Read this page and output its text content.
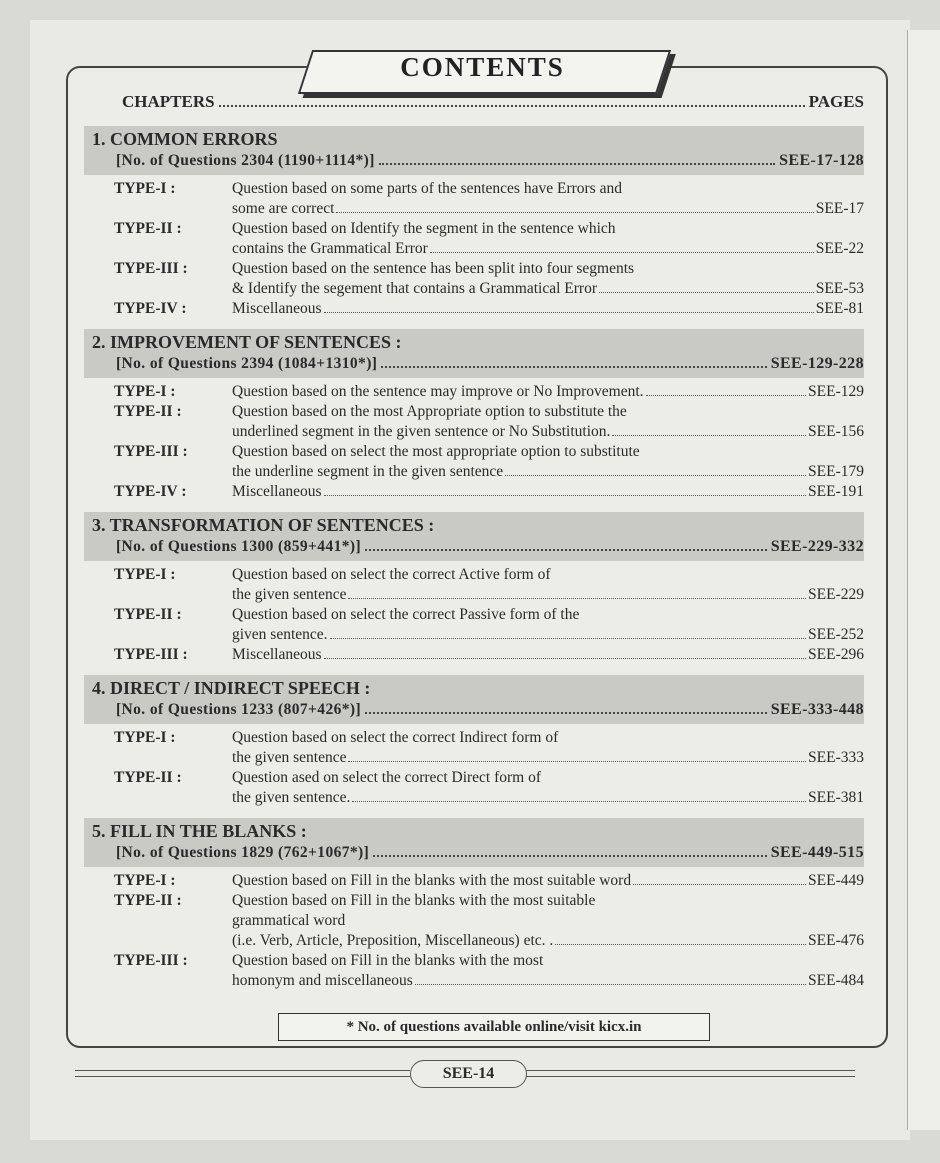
CONTENTS
CHAPTERS	PAGES
1. COMMON ERRORS
[No. of Questions 2304 (1190+1114*)]	SEE-17-128
TYPE-I :	Question based on some parts of the sentences have Errors and
some are correct	SEE-17
TYPE-II :	Question based on Identify the segment in the sentence which
contains the Grammatical Error	SEE-22
TYPE-III :	Question based on the sentence has been split into four segments
& Identify the segement that contains a Grammatical Error	SEE-53
TYPE-IV :	Miscellaneous	SEE-81
2. IMPROVEMENT OF SENTENCES :
[No. of Questions 2394 (1084+1310*)]	SEE-129-228
TYPE-I :	Question based on the sentence may improve or No Improvement.	SEE-129
TYPE-II :	Question based on the most Appropriate option to substitute the
underlined segment in the given sentence or No Substitution.	SEE-156
TYPE-III :	Question based on select the most appropriate option to substitute
the underline segment in the given sentence	SEE-179
TYPE-IV :	Miscellaneous	SEE-191
3. TRANSFORMATION OF SENTENCES :
[No. of Questions 1300 (859+441*)]	SEE-229-332
TYPE-I :	Question based on select the correct Active form of
the given sentence	SEE-229
TYPE-II :	Question based on select the correct Passive form of the
given sentence.	SEE-252
TYPE-III :	Miscellaneous	SEE-296
4. DIRECT / INDIRECT SPEECH :
[No. of Questions 1233 (807+426*)]	SEE-333-448
TYPE-I :	Question based on select the correct Indirect form of
the given sentence	SEE-333
TYPE-II :	Question ased on select the correct Direct form of
the given sentence.	SEE-381
5. FILL IN THE BLANKS :
[No. of Questions 1829 (762+1067*)]	SEE-449-515
TYPE-I :	Question based on Fill in the blanks with the most suitable word	SEE-449
TYPE-II :	Question based on Fill in the blanks with the most suitable
grammatical word
(i.e. Verb, Article, Preposition, Miscellaneous) etc. .	SEE-476
TYPE-III :	Question based on Fill in the blanks with the most
homonym and miscellaneous	SEE-484
* No. of questions available online/visit kicx.in
SEE-14
